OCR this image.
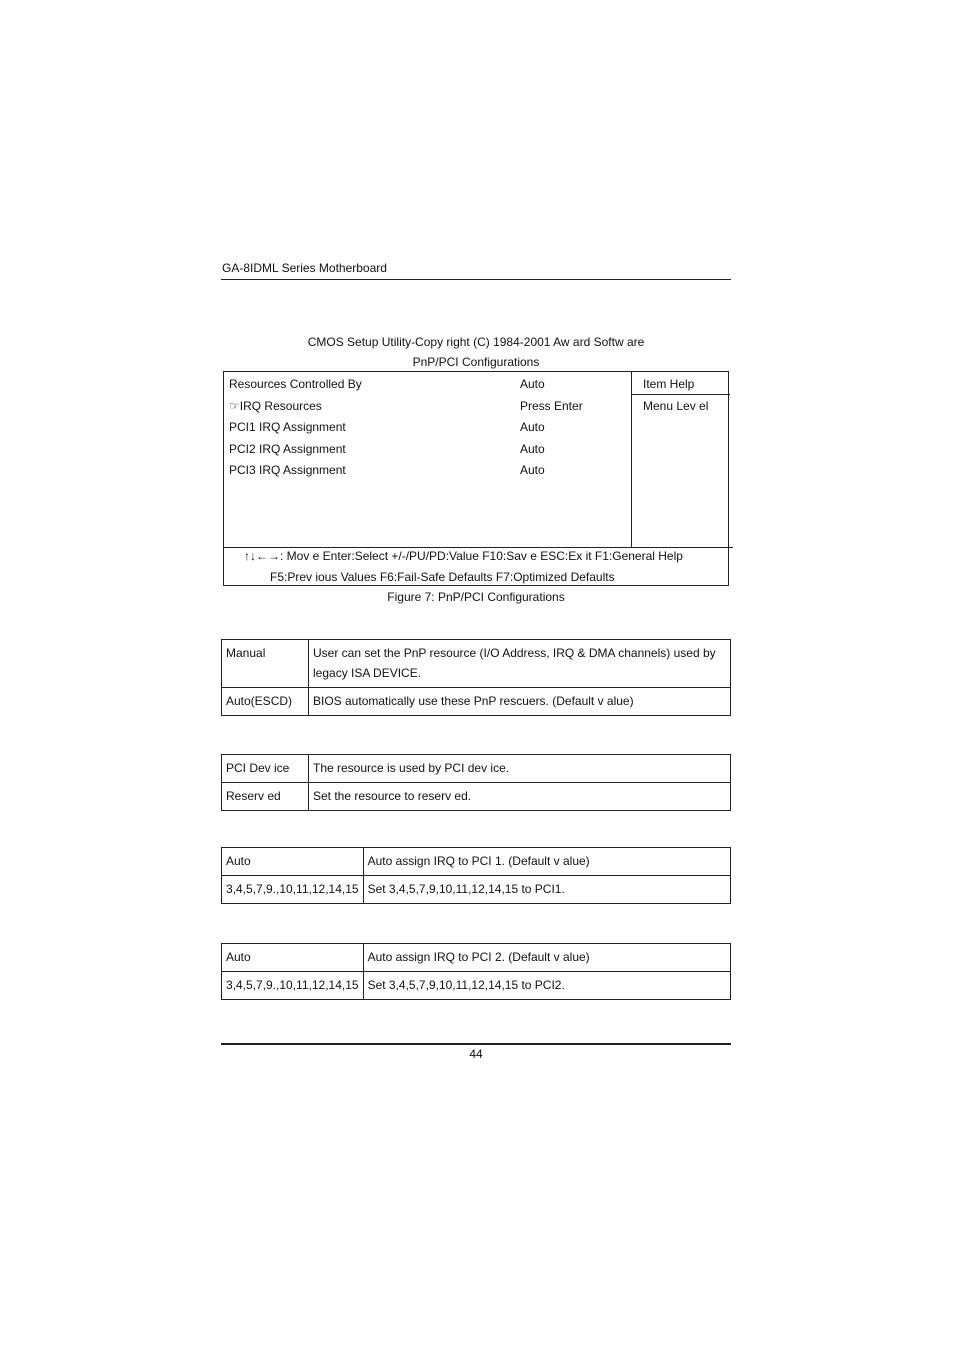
GA-8IDML Series Motherboard
CMOS Setup Utility-Copy right (C) 1984-2001 Aw ard Softw are
PnP/PCI Configurations
Resources Controlled By	Auto
☞IRQ Resources	Press Enter
PCI1 IRQ Assignment	Auto
PCI2 IRQ Assignment	Auto
PCI3 IRQ Assignment	Auto
Item Help
Menu Lev el
↑↓←→: Mov e Enter:Select +/-/PU/PD:Value F10:Sav e ESC:Ex it F1:General Help
F5:Prev ious Values F6:Fail-Safe Defaults F7:Optimized Defaults
Figure 7: PnP/PCI Configurations
Manual	User can set the PnP resource (I/O Address, IRQ & DMA channels) used by legacy ISA DEVICE.
Auto(ESCD)	BIOS automatically use these PnP rescuers. (Default v alue)
PCI Dev ice	The resource is used by PCI dev ice.
Reserv ed	Set the resource to reserv ed.
Auto	Auto assign IRQ to PCI 1. (Default v alue)
3,4,5,7,9.,10,11,12,14,15	Set 3,4,5,7,9,10,11,12,14,15 to PCI1.
Auto	Auto assign IRQ to PCI 2. (Default v alue)
3,4,5,7,9.,10,11,12,14,15	Set 3,4,5,7,9,10,11,12,14,15 to PCI2.
44
